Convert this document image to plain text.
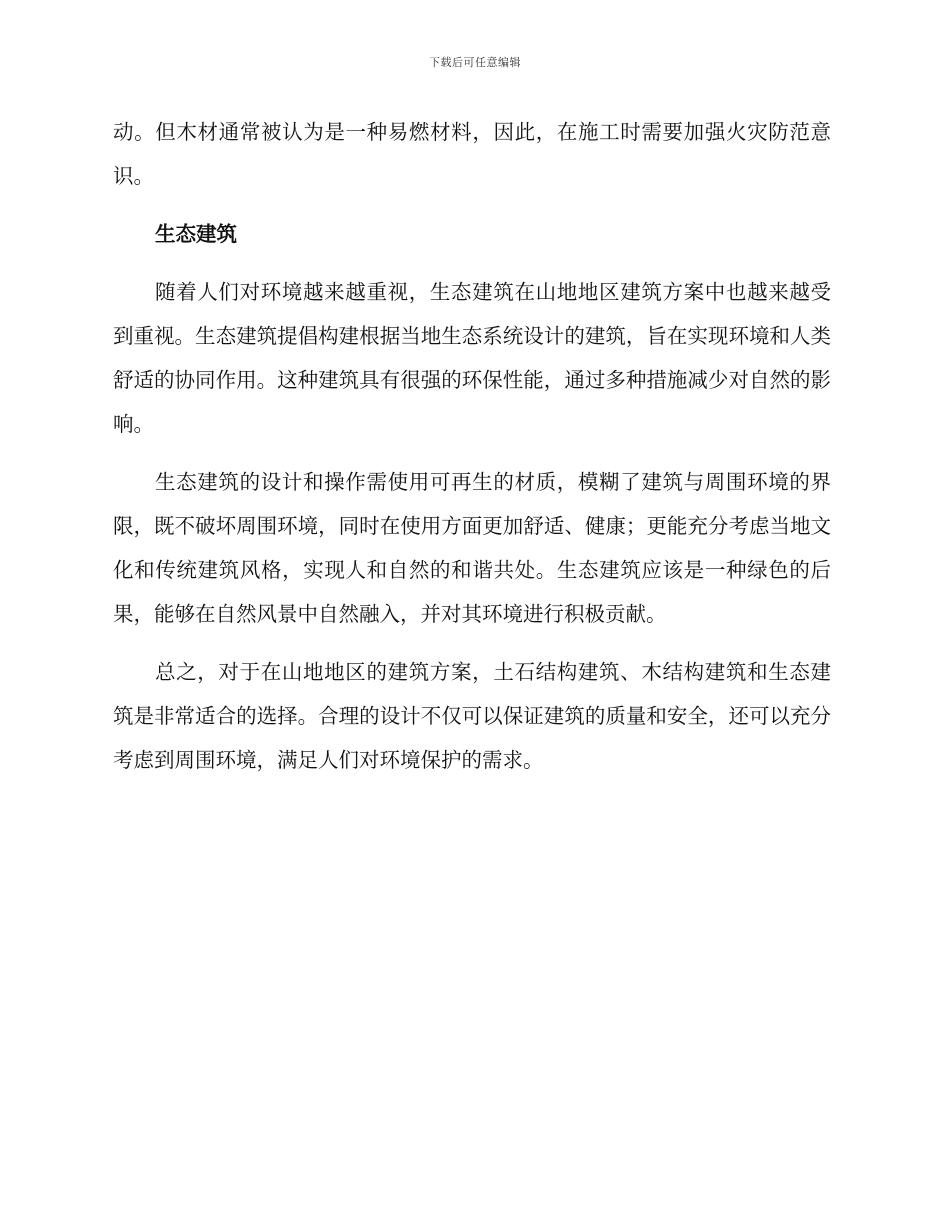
下载后可任意编辑

动。但木材通常被认为是一种易燃材料，因此，在施工时需要加强火灾防范意识。

生态建筑

随着人们对环境越来越重视，生态建筑在山地地区建筑方案中也越来越受到重视。生态建筑提倡构建根据当地生态系统设计的建筑，旨在实现环境和人类舒适的协同作用。这种建筑具有很强的环保性能，通过多种措施减少对自然的影响。

生态建筑的设计和操作需使用可再生的材质，模糊了建筑与周围环境的界限，既不破坏周围环境，同时在使用方面更加舒适、健康；更能充分考虑当地文化和传统建筑风格，实现人和自然的和谐共处。生态建筑应该是一种绿色的后果，能够在自然风景中自然融入，并对其环境进行积极贡献。

总之，对于在山地地区的建筑方案，土石结构建筑、木结构建筑和生态建筑是非常适合的选择。合理的设计不仅可以保证建筑的质量和安全，还可以充分考虑到周围环境，满足人们对环境保护的需求。
